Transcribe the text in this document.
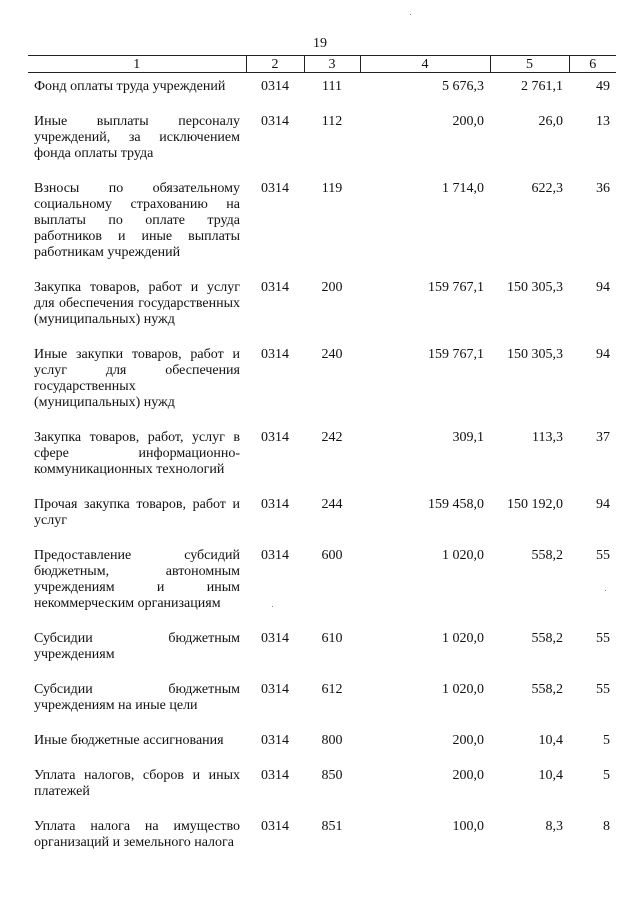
19
1	2	3	4	5	6
Фонд оплаты труда учреждений	0314	111	5 676,3	2 761,1	49
Иные выплаты персоналу учреждений, за исключением фонда оплаты труда	0314	112	200,0	26,0	13
Взносы по обязательному социальному страхованию на выплаты по оплате труда работников и иные выплаты работникам учреждений	0314	119	1 714,0	622,3	36
Закупка товаров, работ и услуг для обеспечения государственных (муниципальных) нужд	0314	200	159 767,1	150 305,3	94
Иные закупки товаров, работ и услуг для обеспечения государственных (муниципальных) нужд	0314	240	159 767,1	150 305,3	94
Закупка товаров, работ, услуг в сфере информационно-коммуникационных технологий	0314	242	309,1	113,3	37
Прочая закупка товаров, работ и услуг	0314	244	159 458,0	150 192,0	94
Предоставление субсидий бюджетным, автономным учреждениям и иным некоммерческим организациям	0314	600	1 020,0	558,2	55
Субсидии бюджетным учреждениям	0314	610	1 020,0	558,2	55
Субсидии бюджетным учреждениям на иные цели	0314	612	1 020,0	558,2	55
Иные бюджетные ассигнования	0314	800	200,0	10,4	5
Уплата налогов, сборов и иных платежей	0314	850	200,0	10,4	5
Уплата налога на имущество организаций и земельного налога	0314	851	100,0	8,3	8
